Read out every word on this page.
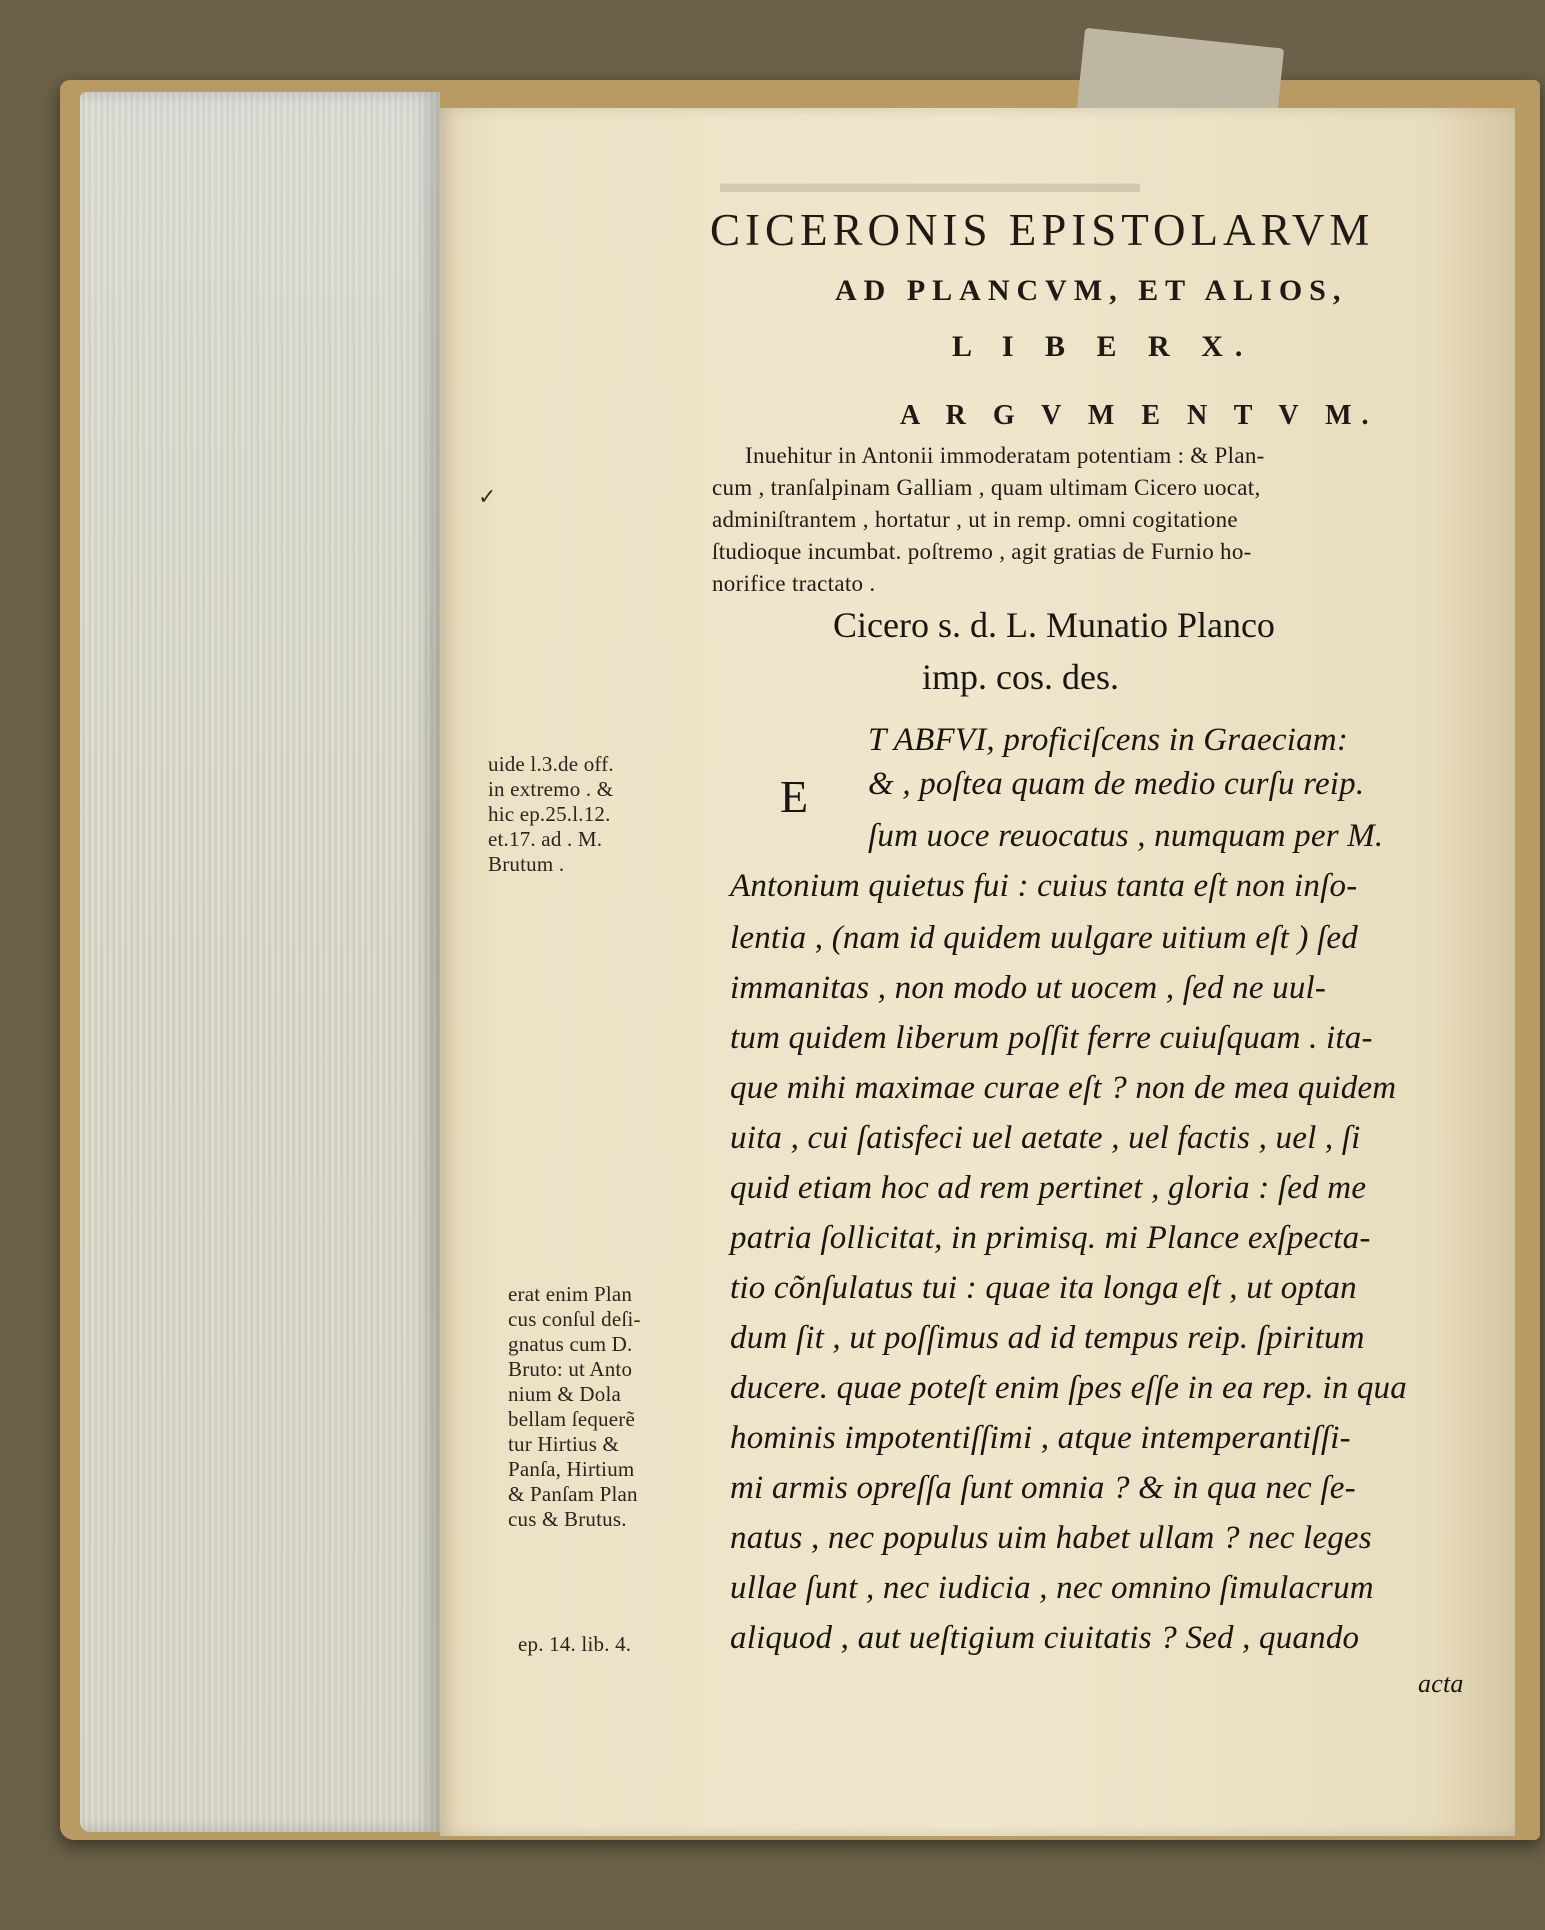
▬▬▬▬▬▬▬▬▬▬▬▬▬▬▬
✓
CICERONIS EPISTOLARVM
AD PLANCVM, ET ALIOS,
L I B E R X.
A R G V M E N T V M.
Inuehitur in Antonii immoderatam potentiam : & Plan-
cum , tranſalpinam Galliam , quam ultimam Cicero uocat,
adminiſtrantem , hortatur , ut in remp. omni cogitatione
ſtudioque incumbat. poſtremo , agit gratias de Furnio ho-
norifice tractato .
Cicero s. d. L. Munatio Planco
imp. cos. des.
E
T ABFVI, proficiſcens in Graeciam:
& , poſtea quam de medio curſu reip.
ſum uoce reuocatus , numquam per M.
Antonium quietus fui : cuius tanta eſt non inſo-
lentia , (nam id quidem uulgare uitium eſt ) ſed
immanitas , non modo ut uocem , ſed ne uul-
tum quidem liberum poſſit ferre cuiuſquam . ita-
que mihi maximae curae eſt ? non de mea quidem
uita , cui ſatisfeci uel aetate , uel factis , uel , ſi
quid etiam hoc ad rem pertinet , gloria : ſed me
patria ſollicitat, in primisq. mi Plance exſpecta-
tio cõnſulatus tui : quae ita longa eſt , ut optan
dum ſit , ut poſſimus ad id tempus reip. ſpiritum
ducere. quae poteſt enim ſpes eſſe in ea rep. in qua
hominis impotentiſſimi , atque intemperantiſſi-
mi armis opreſſa ſunt omnia ? & in qua nec ſe-
natus , nec populus uim habet ullam ? nec leges
ullae ſunt , nec iudicia , nec omnino ſimulacrum
aliquod , aut ueſtigium ciuitatis ? Sed , quando
acta
uide l.3.de off.
in extremo . &
hic ep.25.l.12.
et.17. ad . M.
Brutum .
erat enim Plan
cus conſul deſi-
gnatus cum D.
Bruto: ut Anto
nium & Dola
bellam ſequerẽ
tur Hirtius &
Panſa, Hirtium
& Panſam Plan
cus & Brutus.
ep. 14. lib. 4.
